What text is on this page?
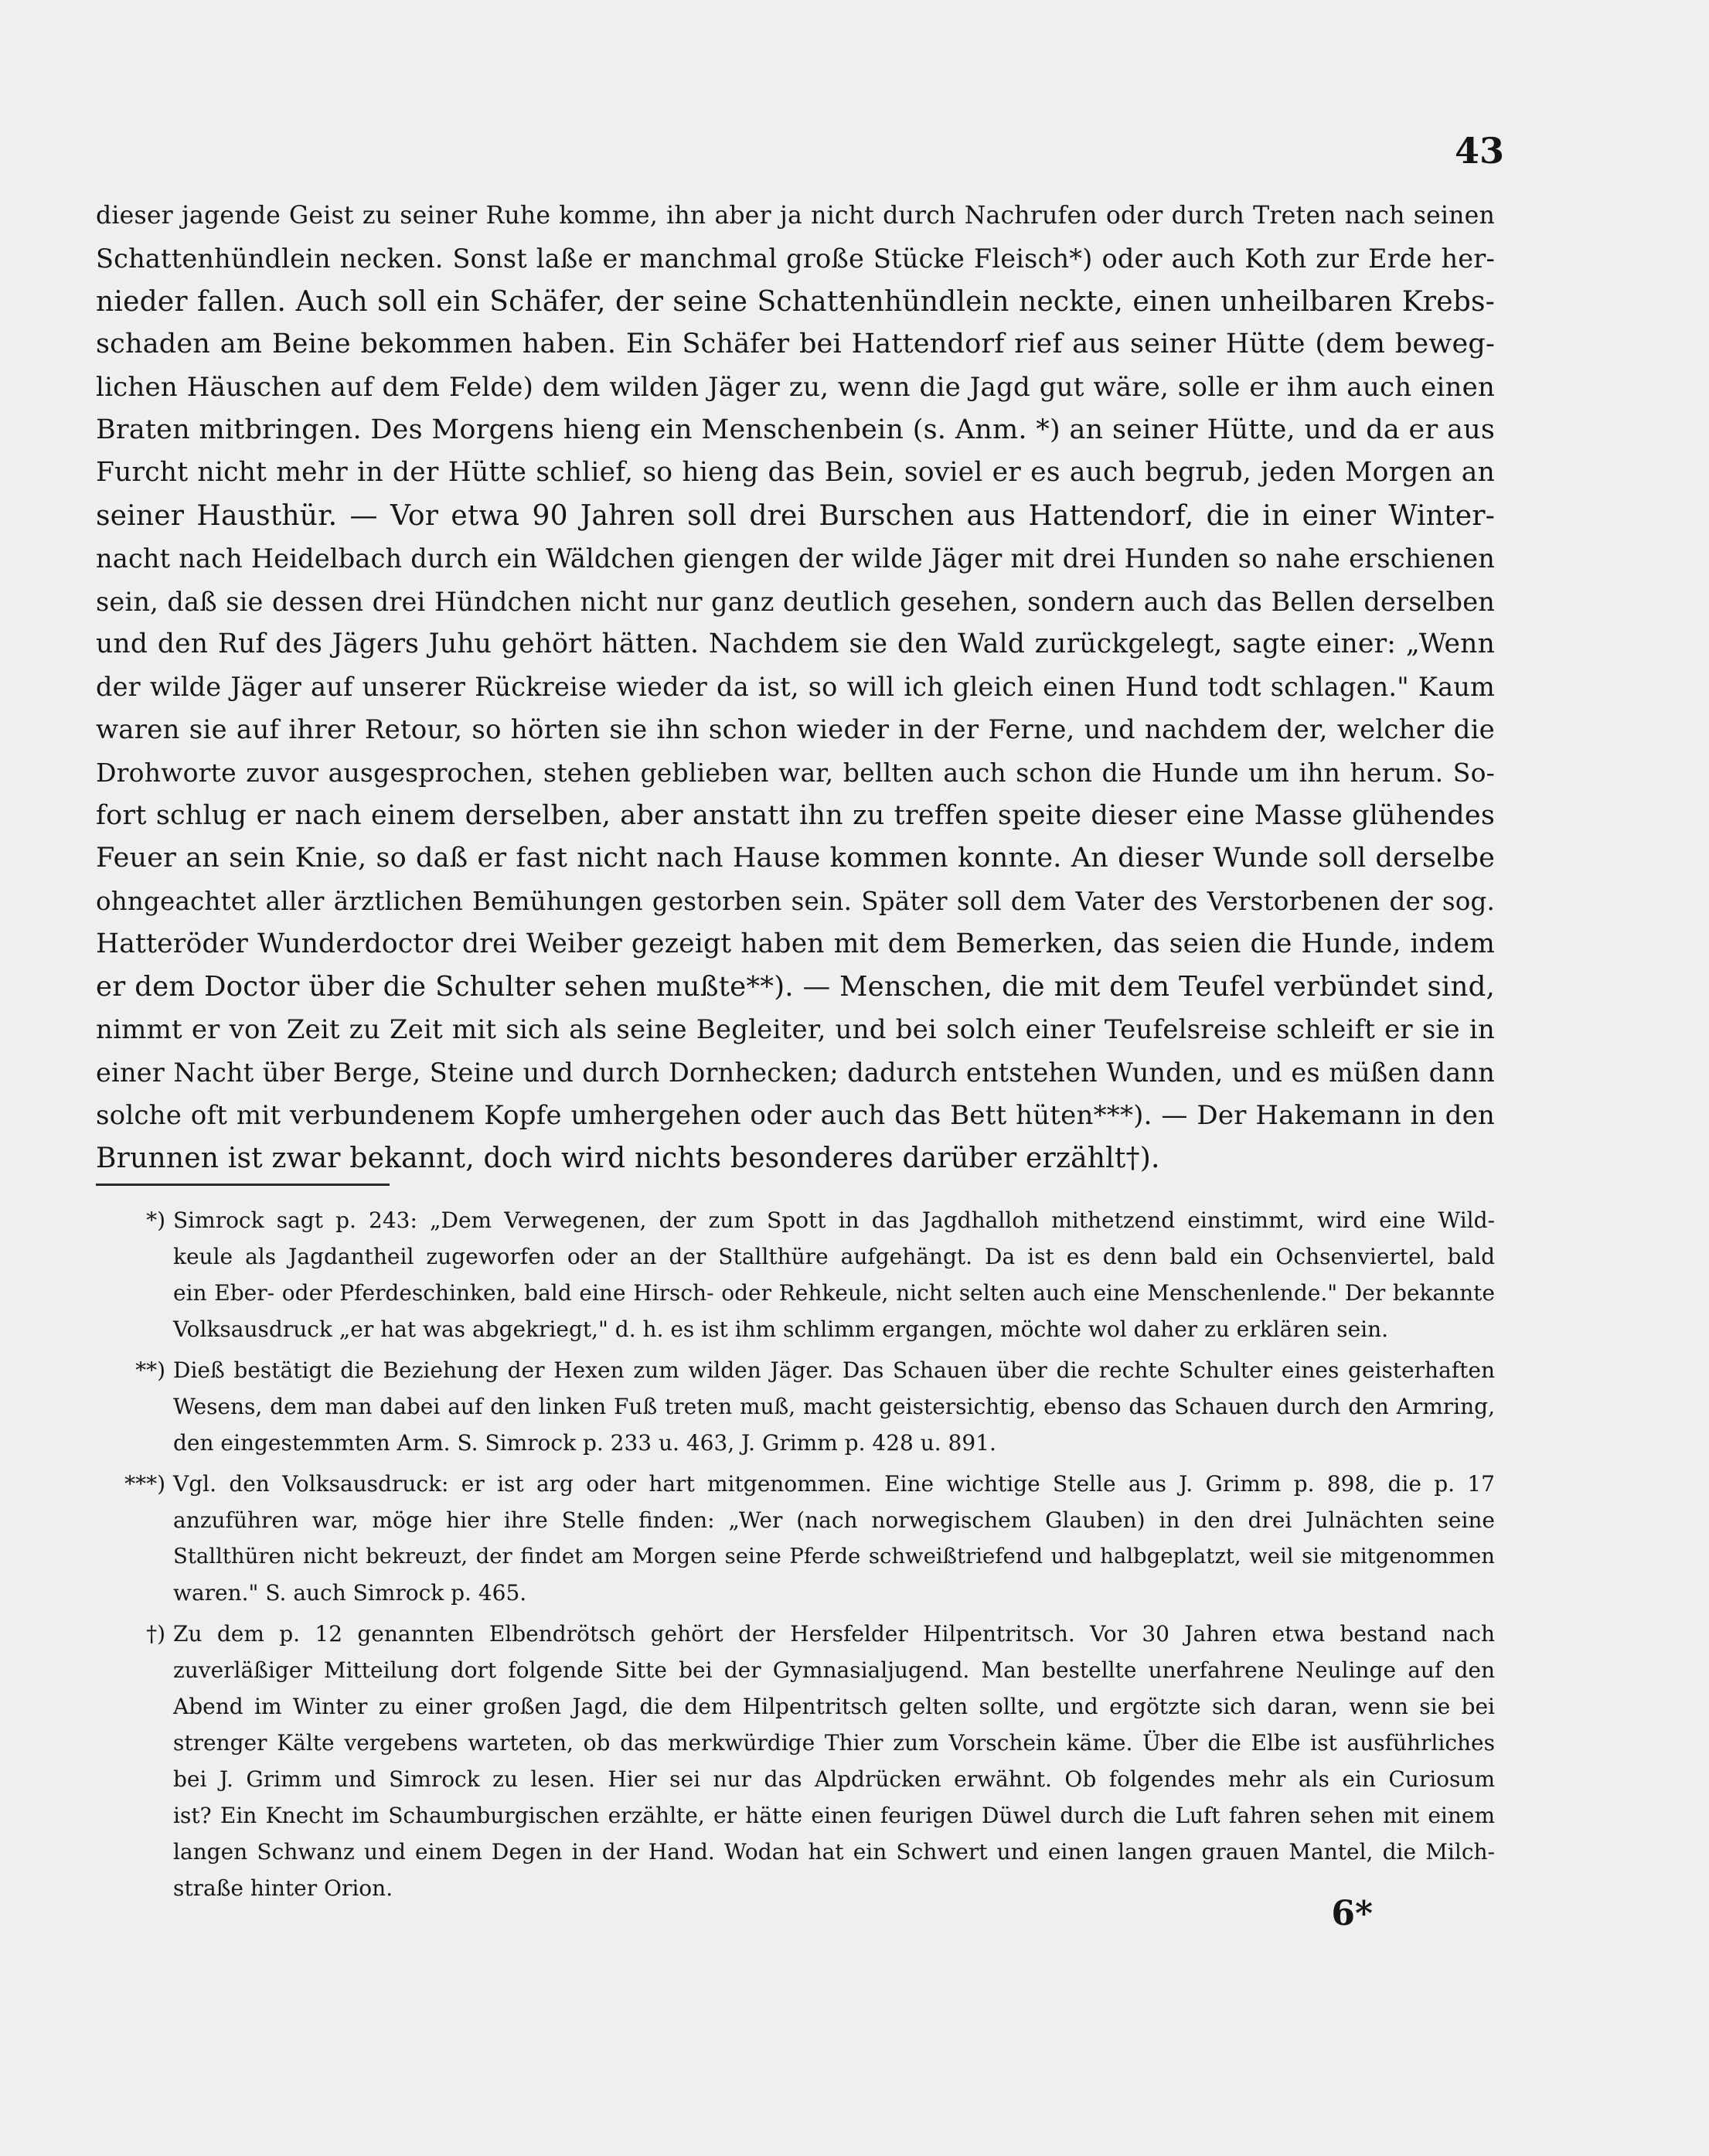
43
dieser jagende Geist zu seiner Ruhe komme, ihn aber ja nicht durch Nachrufen oder durch Treten nach seinen
Schattenhündlein necken. Sonst laße er manchmal große Stücke Fleisch*) oder auch Koth zur Erde her-
nieder fallen. Auch soll ein Schäfer, der seine Schattenhündlein neckte, einen unheilbaren Krebs-
schaden am Beine bekommen haben. Ein Schäfer bei Hattendorf rief aus seiner Hütte (dem beweg-
lichen Häuschen auf dem Felde) dem wilden Jäger zu, wenn die Jagd gut wäre, solle er ihm auch einen
Braten mitbringen. Des Morgens hieng ein Menschenbein (s. Anm. *) an seiner Hütte, und da er aus
Furcht nicht mehr in der Hütte schlief, so hieng das Bein, soviel er es auch begrub, jeden Morgen an
seiner Hausthür. — Vor etwa 90 Jahren soll drei Burschen aus Hattendorf, die in einer Winter-
nacht nach Heidelbach durch ein Wäldchen giengen der wilde Jäger mit drei Hunden so nahe erschienen
sein, daß sie dessen drei Hündchen nicht nur ganz deutlich gesehen, sondern auch das Bellen derselben
und den Ruf des Jägers Juhu gehört hätten. Nachdem sie den Wald zurückgelegt, sagte einer: „Wenn
der wilde Jäger auf unserer Rückreise wieder da ist, so will ich gleich einen Hund todt schlagen." Kaum
waren sie auf ihrer Retour, so hörten sie ihn schon wieder in der Ferne, und nachdem der, welcher die
Drohworte zuvor ausgesprochen, stehen geblieben war, bellten auch schon die Hunde um ihn herum. So-
fort schlug er nach einem derselben, aber anstatt ihn zu treffen speite dieser eine Masse glühendes
Feuer an sein Knie, so daß er fast nicht nach Hause kommen konnte. An dieser Wunde soll derselbe
ohngeachtet aller ärztlichen Bemühungen gestorben sein. Später soll dem Vater des Verstorbenen der sog.
Hatteröder Wunderdoctor drei Weiber gezeigt haben mit dem Bemerken, das seien die Hunde, indem
er dem Doctor über die Schulter sehen mußte**). — Menschen, die mit dem Teufel verbündet sind,
nimmt er von Zeit zu Zeit mit sich als seine Begleiter, und bei solch einer Teufelsreise schleift er sie in
einer Nacht über Berge, Steine und durch Dornhecken; dadurch entstehen Wunden, und es müßen dann
solche oft mit verbundenem Kopfe umhergehen oder auch das Bett hüten***). — Der Hakemann in den
Brunnen ist zwar bekannt, doch wird nichts besonderes darüber erzählt†).
*) Simrock sagt p. 243: „Dem Verwegenen, der zum Spott in das Jagdhalloh mithetzend einstimmt, wird eine Wild-
keule als Jagdantheil zugeworfen oder an der Stallthüre aufgehängt. Da ist es denn bald ein Ochsenviertel, bald
ein Eber- oder Pferdeschinken, bald eine Hirsch- oder Rehkeule, nicht selten auch eine Menschenlende." Der bekannte
Volksausdruck „er hat was abgekriegt," d. h. es ist ihm schlimm ergangen, möchte wol daher zu erklären sein.
**) Dieß bestätigt die Beziehung der Hexen zum wilden Jäger. Das Schauen über die rechte Schulter eines geisterhaften
Wesens, dem man dabei auf den linken Fuß treten muß, macht geistersichtig, ebenso das Schauen durch den Armring,
den eingestemmten Arm. S. Simrock p. 233 u. 463, J. Grimm p. 428 u. 891.
***) Vgl. den Volksausdruck: er ist arg oder hart mitgenommen. Eine wichtige Stelle aus J. Grimm p. 898, die p. 17
anzuführen war, möge hier ihre Stelle finden: „Wer (nach norwegischem Glauben) in den drei Julnächten seine
Stallthüren nicht bekreuzt, der findet am Morgen seine Pferde schweißtriefend und halbgeplatzt, weil sie mitgenommen
waren." S. auch Simrock p. 465.
†) Zu dem p. 12 genannten Elbendrötsch gehört der Hersfelder Hilpentritsch. Vor 30 Jahren etwa bestand nach
zuverläßiger Mitteilung dort folgende Sitte bei der Gymnasialjugend. Man bestellte unerfahrene Neulinge auf den
Abend im Winter zu einer großen Jagd, die dem Hilpentritsch gelten sollte, und ergötzte sich daran, wenn sie bei
strenger Kälte vergebens warteten, ob das merkwürdige Thier zum Vorschein käme. Über die Elbe ist ausführliches
bei J. Grimm und Simrock zu lesen. Hier sei nur das Alpdrücken erwähnt. Ob folgendes mehr als ein Curiosum
ist? Ein Knecht im Schaumburgischen erzählte, er hätte einen feurigen Düwel durch die Luft fahren sehen mit einem
langen Schwanz und einem Degen in der Hand. Wodan hat ein Schwert und einen langen grauen Mantel, die Milch-
straße hinter Orion.
6*
